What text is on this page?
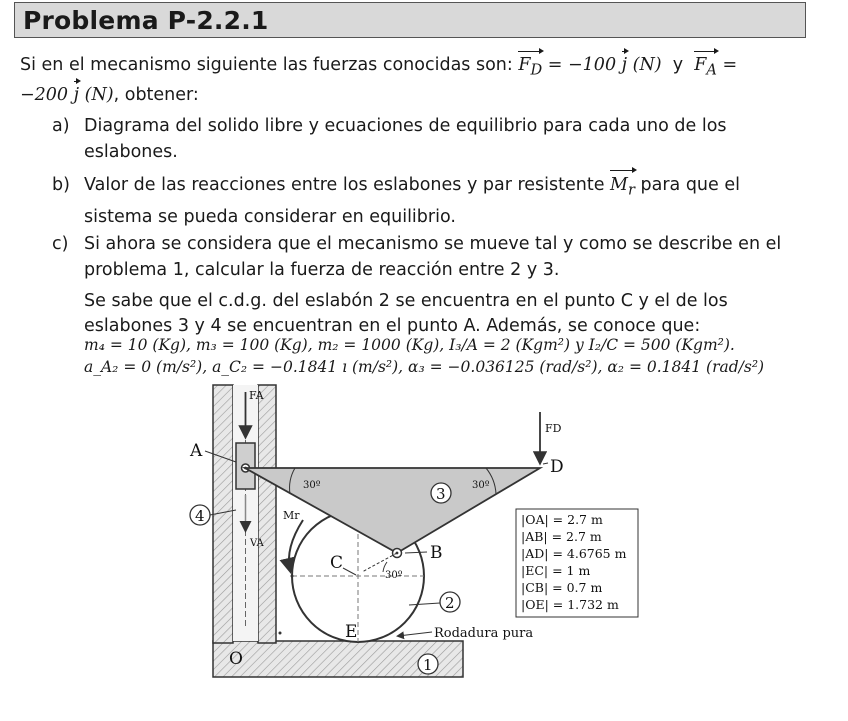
Problema P-2.2.1
Si en el mecanismo siguiente las fuerzas conocidas son: $F_D = -100$ j (N)  y  $F_A$ =
−200 j (N), obtener:
a) Diagrama del solido libre y ecuaciones de equilibrio para cada uno de los eslabones.
b) Valor de las reacciones entre los eslabones y par resistente $M_r$ para que el sistema se pueda considerar en equilibrio.
c) Si ahora se considera que el mecanismo se mueve tal y como se describe en el problema 1, calcular la fuerza de reacción entre 2 y 3.
Se sabe que el c.d.g. del eslabón 2 se encuentra en el punto C y el de los eslabones 3 y 4 se encuentran en el punto A. Además, se conoce que:
m₄ = 10 (Kg), m₃ = 100 (Kg), m₂ = 1000 (Kg), I₃/A = 2 (Kgm²) y I₂/C = 500 (Kgm²).
a_A₂ = 0 (m/s²), a_C₂ = −0.1841 ı (m/s²), α₃ = −0.036125 (rad/s²), α₂ = 0.1841 (rad/s²)
FA
FD
A
D
B
C
E
O
Mr
VA
30º	30º
30º
Rodadura pura
1
2
3
4	|OA| = 2.7 m
|AB| = 2.7 m
|AD| = 4.6765 m
|EC| = 1 m
|CB| = 0.7 m
|OE| = 1.732 m
